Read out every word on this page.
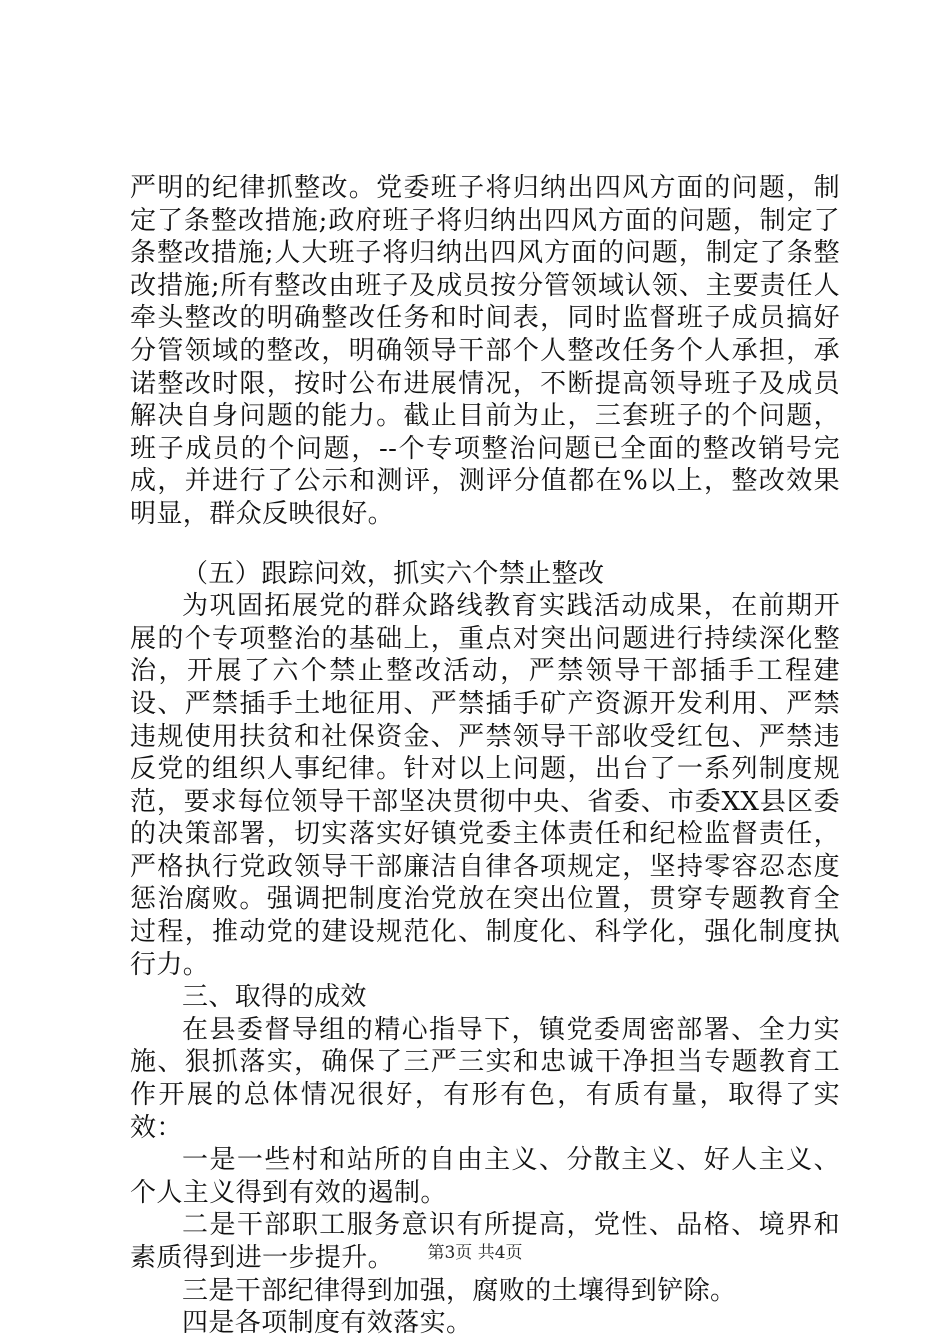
严明的纪律抓整改。党委班子将归纳出四风方面的问题，制定了条整改措施;政府班子将归纳出四风方面的问题，制定了条整改措施;人大班子将归纳出四风方面的问题，制定了条整改措施;所有整改由班子及成员按分管领域认领、主要责任人牵头整改的明确整改任务和时间表，同时监督班子成员搞好分管领域的整改，明确领导干部个人整改任务个人承担，承诺整改时限，按时公布进展情况，不断提高领导班子及成员解决自身问题的能力。截止目前为止，三套班子的个问题，班子成员的个问题，--个专项整治问题已全面的整改销号完成，并进行了公示和测评，测评分值都在%以上，整改效果明显，群众反映很好。

（五）跟踪问效，抓实六个禁止整改

为巩固拓展党的群众路线教育实践活动成果，在前期开展的个专项整治的基础上，重点对突出问题进行持续深化整治，开展了六个禁止整改活动，严禁领导干部插手工程建设、严禁插手土地征用、严禁插手矿产资源开发利用、严禁违规使用扶贫和社保资金、严禁领导干部收受红包、严禁违反党的组织人事纪律。针对以上问题，出台了一系列制度规范，要求每位领导干部坚决贯彻中央、省委、市委XX县区委的决策部署，切实落实好镇党委主体责任和纪检监督责任，严格执行党政领导干部廉洁自律各项规定，坚持零容忍态度惩治腐败。强调把制度治党放在突出位置，贯穿专题教育全过程，推动党的建设规范化、制度化、科学化，强化制度执行力。

三、取得的成效

在县委督导组的精心指导下，镇党委周密部署、全力实施、狠抓落实，确保了三严三实和忠诚干净担当专题教育工作开展的总体情况很好，有形有色，有质有量，取得了实效：

一是一些村和站所的自由主义、分散主义、好人主义、个人主义得到有效的遏制。

二是干部职工服务意识有所提高，党性、品格、境界和素质得到进一步提升。

三是干部纪律得到加强，腐败的土壤得到铲除。

四是各项制度有效落实。

第3页 共4页
